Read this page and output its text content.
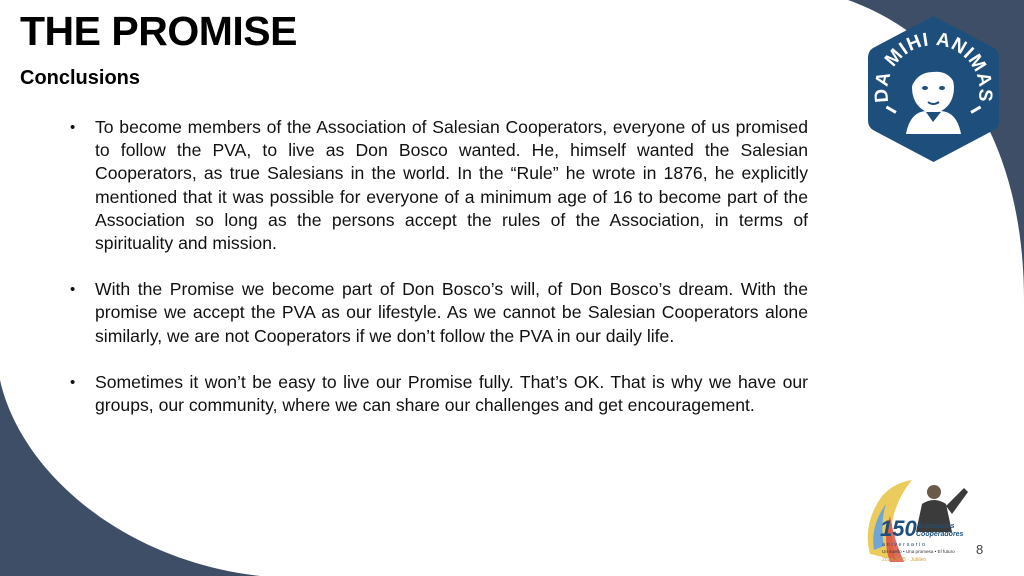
THE PROMISE
Conclusions
• To become members of the Association of Salesian Cooperators, everyone of us promised to follow the PVA, to live as Don Bosco wanted. He, himself wanted the Salesian Cooperators, as true Salesians in the world. In the “Rule” he wrote in 1876, he explicitly mentioned that it was possible for everyone of a minimum age of 16 to become part of the Association so long as the persons accept the rules of the Association, in terms of spirituality and mission.
• With the Promise we become part of Don Bosco’s will, of Don Bosco’s dream. With the promise we accept the PVA as our lifestyle. As we cannot be Salesian Cooperators alone similarly, we are not Cooperators if we don’t follow the PVA in our daily life.
• Sometimes it won’t be easy to live our Promise fully. That’s OK. That is why we have our groups, our community, where we can share our challenges and get encouragement.
DA MIHI ANIMAS
150 Salesianos
Cooperadores
aniversario
Un sueño • Una promesa • El futuro
2024-2025 · Jubileo
8
